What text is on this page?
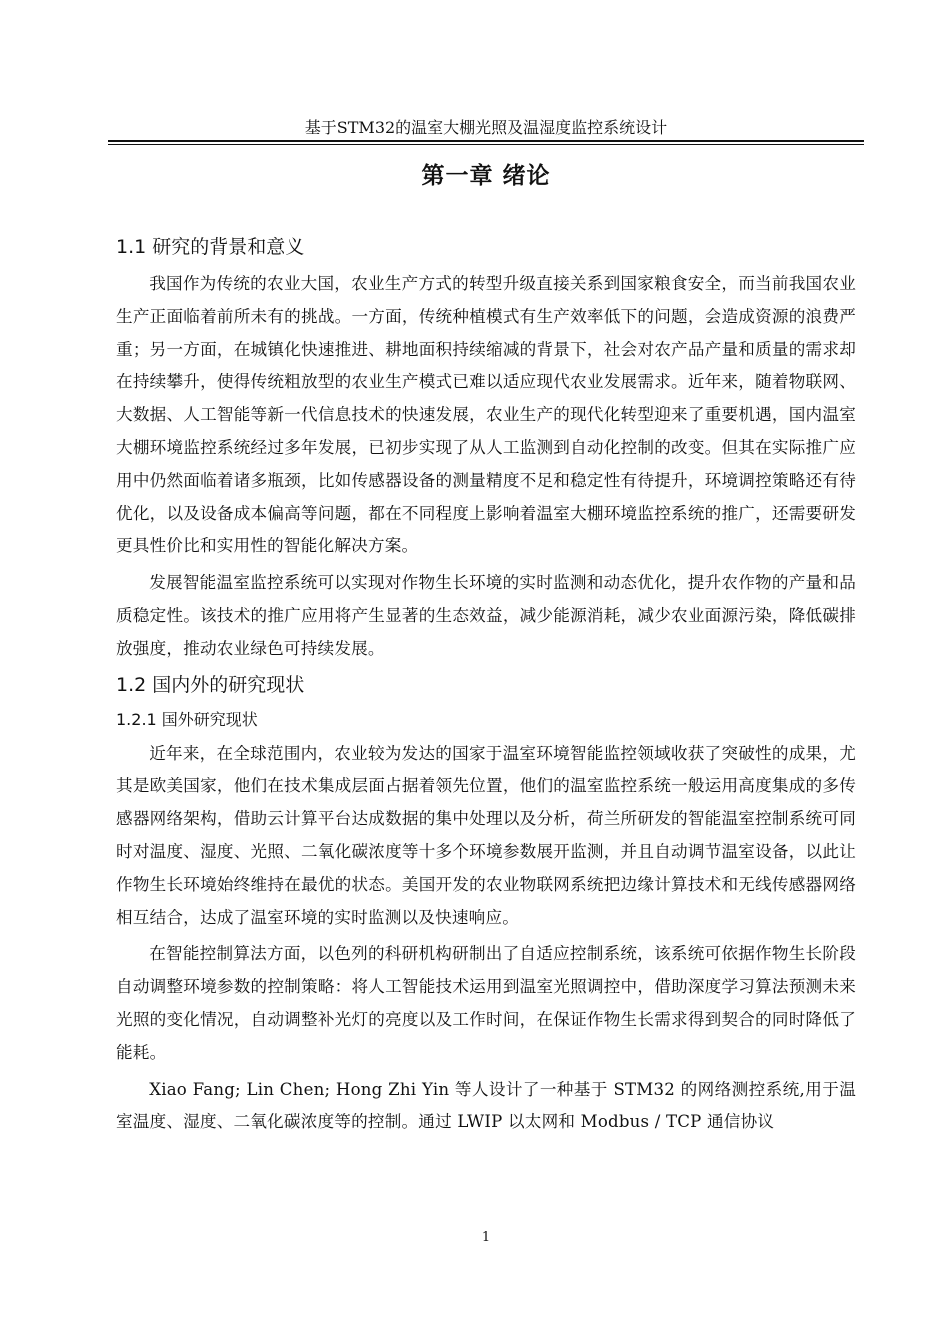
基于STM32的温室大棚光照及温湿度监控系统设计
第一章 绪论
1.1 研究的背景和意义

我国作为传统的农业大国，农业生产方式的转型升级直接关系到国家粮食安全，而当前我国农业生产正面临着前所未有的挑战。一方面，传统种植模式有生产效率低下的问题，会造成资源的浪费严重；另一方面，在城镇化快速推进、耕地面积持续缩减的背景下，社会对农产品产量和质量的需求却在持续攀升，使得传统粗放型的农业生产模式已难以适应现代农业发展需求。近年来，随着物联网、大数据、人工智能等新一代信息技术的快速发展，农业生产的现代化转型迎来了重要机遇，国内温室大棚环境监控系统经过多年发展，已初步实现了从人工监测到自动化控制的改变。但其在实际推广应用中仍然面临着诸多瓶颈，比如传感器设备的测量精度不足和稳定性有待提升，环境调控策略还有待优化，以及设备成本偏高等问题，都在不同程度上影响着温室大棚环境监控系统的推广，还需要研发更具性价比和实用性的智能化解决方案。

发展智能温室监控系统可以实现对作物生长环境的实时监测和动态优化，提升农作物的产量和品质稳定性。该技术的推广应用将产生显著的生态效益，减少能源消耗，减少农业面源污染，降低碳排放强度，推动农业绿色可持续发展。

1.2 国内外的研究现状
1.2.1 国外研究现状

近年来，在全球范围内，农业较为发达的国家于温室环境智能监控领域收获了突破性的成果，尤其是欧美国家，他们在技术集成层面占据着领先位置，他们的温室监控系统一般运用高度集成的多传感器网络架构，借助云计算平台达成数据的集中处理以及分析，荷兰所研发的智能温室控制系统可同时对温度、湿度、光照、二氧化碳浓度等十多个环境参数展开监测，并且自动调节温室设备，以此让作物生长环境始终维持在最优的状态。美国开发的农业物联网系统把边缘计算技术和无线传感器网络相互结合，达成了温室环境的实时监测以及快速响应。

在智能控制算法方面，以色列的科研机构研制出了自适应控制系统，该系统可依据作物生长阶段自动调整环境参数的控制策略：将人工智能技术运用到温室光照调控中，借助深度学习算法预测未来光照的变化情况，自动调整补光灯的亮度以及工作时间，在保证作物生长需求得到契合的同时降低了能耗。

Xiao Fang; Lin Chen; Hong Zhi Yin 等人设计了一种基于 STM32 的网络测控系统,用于温室温度、湿度、二氧化碳浓度等的控制。通过 LWIP 以太网和 Modbus / TCP 通信协议

1
